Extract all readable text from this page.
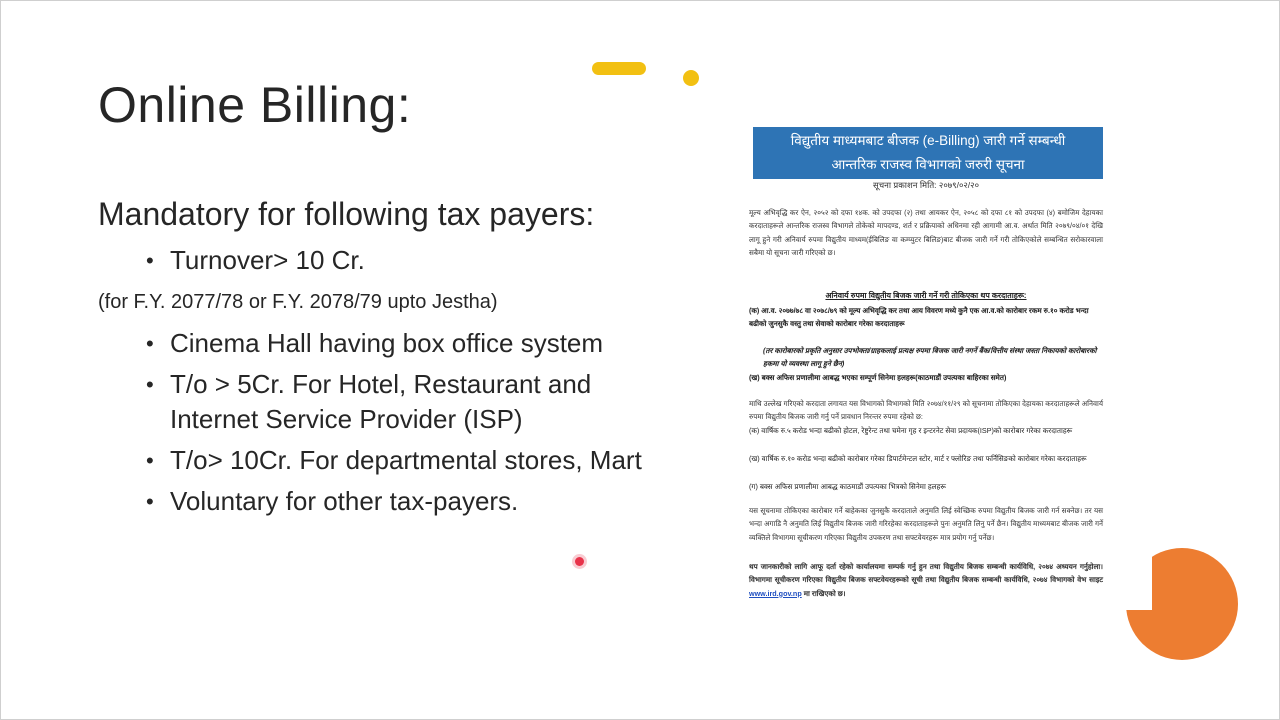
Online Billing:
Mandatory for following tax payers:
• Turnover> 10 Cr.
(for F.Y. 2077/78 or F.Y. 2078/79 upto Jestha)
• Cinema Hall having box office system
• T/o > 5Cr. For Hotel, Restaurant and Internet Service Provider (ISP)
• T/o> 10Cr. For departmental stores, Mart
• Voluntary for other tax-payers.
विद्युतीय माध्यमबाट बीजक (e-Billing) जारी गर्ने सम्बन्धी
आन्तरिक राजस्व विभागको जरुरी सूचना
सूचना प्रकाशन मिति: २०७९/०२/२०

मूल्य अभिवृद्धि कर ऐन, २०५२ को दफा १४क. को उपदफा (२) तथा आयकर ऐन, २०५८ को दफा ८१ को उपदफा (४) बमोजिम देहायका करदाताहरूले आन्तरिक राजस्व विभागले तोकेको मापदण्ड, शर्त र प्रक्रियाको अधिनमा रही आगामी आ.व. अर्थात मिति २०७९/०४/०१ देखि लागू हुने गरी अनिवार्य रुपमा विद्युतीय माध्यम(ईबिलिङ वा कम्प्युटर बिलिङ)बाट बीजक जारी गर्ने गरी तोकिएकोले सम्बन्धित सरोकारवाला सबैमा यो सूचना जारी गरिएको छ।

अनिवार्य रुपमा विद्युतीय बिजक जारी गर्ने गरी तोकिएका थप करदाताहरू:

(क) आ.व. २०७७/७८ वा २०७८/७९ को मूल्य अभिवृद्धि कर तथा आय विवरण मध्ये कुनै एक आ.व.को कारोबार रकम रु.१० करोड भन्दा बढीको जुनसुकै वस्तु तथा सेवाको कारोबार गरेका करदाताहरू

(तर कारोबारको प्रकृति अनुसार उपभोक्ता/ग्राहकलाई प्रत्यक्ष रुपमा बिजक जारी नगर्ने बैंक/वित्तीय संस्था जस्ता निकायको कारोबारको हकमा यो व्यवस्था लागू हुने छैन)

(ख) बक्स अफिस प्रणालीमा आबद्ध भएका सम्पूर्ण सिनेमा हलहरू(काठमाडौं उपत्यका बाहिरका समेत)

माथि उल्लेख गरिएको करदाता लगायत यस विभागको विभागको मिति २०७४/११/२९ को सूचनामा तोकिएका देहायका करदाताहरूले अनिवार्य रुपमा विद्युतीय बिजक जारी गर्नु पर्ने प्रावधान निरन्तर रुपमा रहेको छ:

(क) वार्षिक रु.५ करोड भन्दा बढीको होटल, रेष्टुरेन्ट तथा चमेना गृह र इन्टरनेट सेवा प्रदायक(ISP)को कारोबार गरेका करदाताहरू

(ख) वार्षिक रु.१० करोड भन्दा बढीको कारोबार गरेका डिपार्टमेन्टल स्टोर, मार्ट र फ्लोरिङ तथा फर्निसिङको कारोबार गरेका करदाताहरू

(ग) बक्स अफिस प्रणालीमा आबद्ध काठमाडौं उपत्यका भित्रको सिनेमा हलहरू

यस सूचनामा तोकिएका कारोबार गर्ने बाहेकका जुनसुकै करदाताले अनुमति लिई स्वेच्छिक रुपमा विद्युतीय बिजक जारी गर्न सक्नेछ। तर यस भन्दा अगाडि नै अनुमति लिई विद्युतीय बिजक जारी गरिरहेका करदाताहरूले पुनः अनुमति लिनु पर्ने छैन। विद्युतीय माध्यमबाट बीजक जारी गर्ने व्यक्तिले विभागमा सूचीकरण गरिएका विद्युतीय उपकरण तथा सफ्टवेयरहरू मात्र प्रयोग गर्नु पर्नेछ।

थप जानकारीको लागि आफू दर्ता रहेको कार्यालयमा सम्पर्क गर्नु हुन तथा विद्युतीय बिजक सम्बन्धी कार्यविधि, २०७४ अध्ययन गर्नुहोला। विभागमा सूचीकरण गरिएका विद्युतीय बिजक सफ्टवेयरहरूको सूची तथा विद्युतीय बिजक सम्बन्धी कार्यविधि, २०७४ विभागको वेभ साइट www.ird.gov.np मा राखिएको छ।
